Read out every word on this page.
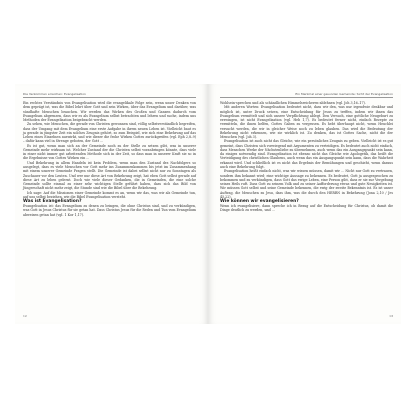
Die Verkommen erreichen: Evangelisation

Ein rechtes Verständnis von Evangelisation wird die evangelikale Folge sein, wenn unser Denken von dem geprägt ist, was die Bibel lehrt über Gott und sein Wirken, über das Evangelium und darüber, was sündhafte Menschen brauchen. Wir werden das Wirken des Großen und Ganzen dadurch vom Evangelium abgrenzen, dass wir es als Evangelium selbst betrachten und lehren und suche, indem uns Methoden der Evangelisation beigebracht werden.

Zu sehen, wie Menschen, die gerade von Christen gewonnen sind, völlig selbstverständlich begreifen, dass der Umgang mit dem Evangelium eine erste Aufgabe in ihrem neuen Leben ist. Vielleicht baut es ja gerade in jüngster Zeit ein solches Zeugnis gehört, so zum Beispiel, wie sich eine Bekehrung auf das Leben eines Einzelnen auswirkt, und wie dieser die frohe Wirken Gottes zurückgreifen (vgl. Eph 2,8–9) – dafür kann viel in Strenge geboten, der Gott ...

Es ist gut, wenn man sich an der Gemeinde noch zu der Stelle zu setzen gibt, was in unserer Gemeinde mehr wirksam ist. Welcher Zustand der die Christen selbst voranbringen könnte, dass viele in einer nicht immer gut arbeitenden Methode sich in der Zeit, so dass man in unserer Kraft sie so in die Ergebnisse von Gottes Wirken ein ...

Und Bekehrung in allem Handeln ist kein Problem, wenn man den Zustand des Nachfolgers so ausgelegt, dass es viele Menschen vor Gott mehr ins Zusammenkommen bis jetzt im Zusammenhang mit einem unserer Gemeinde Fragen stellt. Die Gemeinde ist dabei selbst nicht nur zu Sonntagen als Zuschauer vor den Leuten. Und wer nur diese Art von Bekehrung zeigt, hat eben Gott selbst gerade auf diese Art zu leben gelernt. Doch wie viele dieser Gedanken, die in Gemeinden, die eine solche Gemeinde sollte einmal zu einer sehr wichtigen Stelle geführt haben, dass sich das Bild von Jüngerschaft nicht mehr zeigt, die Stunde sind wie die Bibel über die Bekehrung.

Ich sage: Auf die Missionen einer Gemeinde kommt es an, wenn wir das, was wir als Gemeinde tun, auf uns selbst beziehen, wie die Bibel Evangelisation versteht.

Was ist Evangelisation?

Evangelisation ist: das Evangelium zu denen zu bringen, die ohne Christus sind, und zu verkündigen, was Gott in Jesus Christus für sie getan hat. Dass Christus Jesus für die Reden und Tun vom Evangelium abweisen getan hat (vgl. 1 Kor 1,17).

12
Ein Merkmal einer gesunden Gemeinde: Sicht der Evangelisation

Wohlsein-sprechen und als schändlichen Himmelsreicheren-ablehnen (vgl. Joh 3,16–17).

Mit anderen Worten: Evangelisation bedeutet nicht, dass wir den, was nur irgendwie denkbar und möglich ist, unter Druck setzen, eine Entscheidung für Jesus zu treffen, indem wir ihnen das Evangelium vermittelt und sich unsere Verpflichtung ablegt. Den Versuch, eine gottliche Neugeburt zu erzwingen, ist nicht Evangelisation (vgl. Heb 1,7). Es bedeutet ferner nicht, einfach Rezepte zu vermitteln, die ihnen helfen, Gottes Gaben zu vergessen. Es hebt überhaupt nicht, wenn Heuchlei versucht werden, die wir in gleicher Weise noch zu leben glauben. Das wird die Bedeutung der Bekehrung nicht erkennen, wie sie wirklich ist. Zu denken, das ist Gottes Sache, nicht die der Menschen (vgl. Joh 3).

Evangelisation ist auch nicht das Gleiche, wie ein persönliches Zeugnis zu geben. Vielleicht ist es gut gemeint, dass Christen sich vorwiegend mit Argumenten zu verteidigen. Es bedeutet auch nicht einfach, dass Menschen Werke der Nächstenliebe zu übernehmen, auch wenn das ein Ausgangspunkt sein kann, da einiges notwendig sind. Evangelisation ist ebenso nicht das Gleiche wie Apologetik, das heißt die Verteidigung des christlichen Glaubens, auch wenn das ein Ausgangspunkt sein kann, dass die Wahrheit erkannt wird. Und schließlich ist es nicht das Ergebnis der Bemühungen und geschieht, wenn daraus auch eine Bekehrung folgt.

Evangelisation heißt einfach nicht, was wir wissen müssen, damit wir ... Nicht nur Gott zu vertrauen, sondern ihm bekannt wird; eine wichtige Aussage zu bekennen. Es bedeutet, Gott ja ausgesprochen zu bekommen und zu verkündigen, dass Gott das ewige Leben, eine Person gibt, dass er sie zur Vergebung seines Heils ruft. Dass Gott zu seinem Volk und zu seiner Aufforderung etwas und gute Neuigkeiten ist. Wir müssen Gott selbst und seine Gemeinde bekennen, die ewig der zweite Bekenntnis ist. Es ist unser Auftrag, die Menschen zu Jesu, dass ihm, was die durch den HERRN in Bekehrung (Jona 2,10 / Jes 45,22).

Wie können wir evangelisieren?

Wenn ich evangelisiere, dann spreche ich in Bezug auf die Entscheidung für Christus, ob damit die Dinge deutlich zu werden, und ...

13
